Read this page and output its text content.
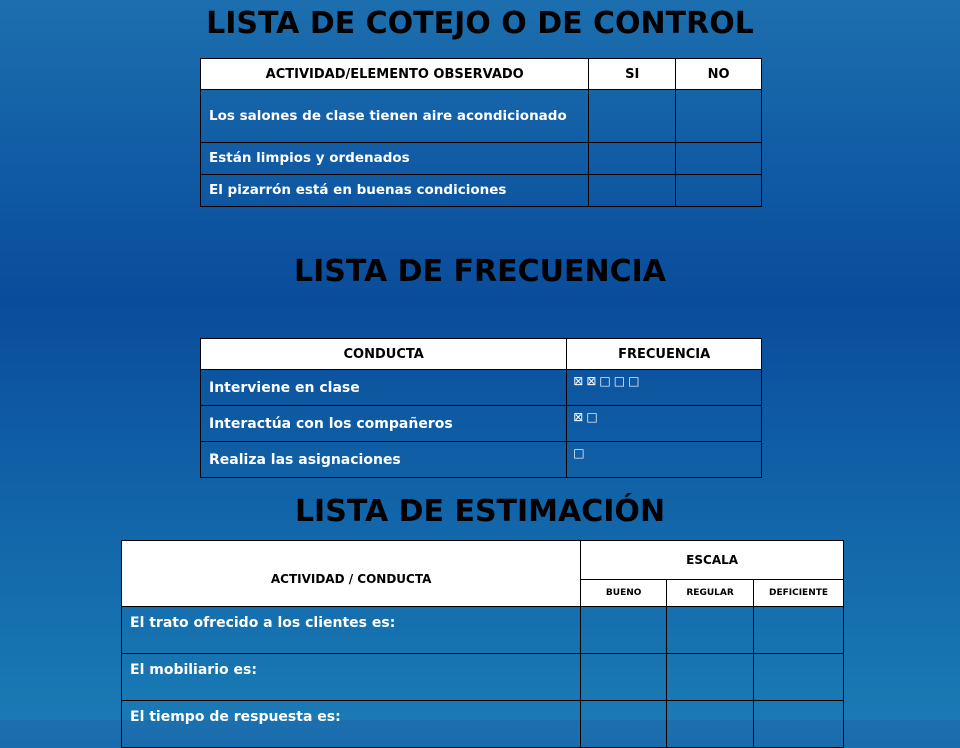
LISTA DE COTEJO O DE CONTROL
ACTIVIDAD/ELEMENTO OBSERVADO	SI	NO
Los salones de clase tienen aire acondicionado		
Están limpios y ordenados		
El pizarrón está en buenas condiciones		
LISTA DE FRECUENCIA
CONDUCTA	FRECUENCIA
Interviene en clase	⊠⊠□□□
Interactúa con los compañeros	⊠□
Realiza las asignaciones	□
LISTA DE ESTIMACIÓN
ACTIVIDAD / CONDUCTA	ESCALA		
	BUENO	REGULAR	DEFICIENTE
El trato ofrecido a los clientes es:			
El mobiliario es:			
El tiempo de respuesta es:			
